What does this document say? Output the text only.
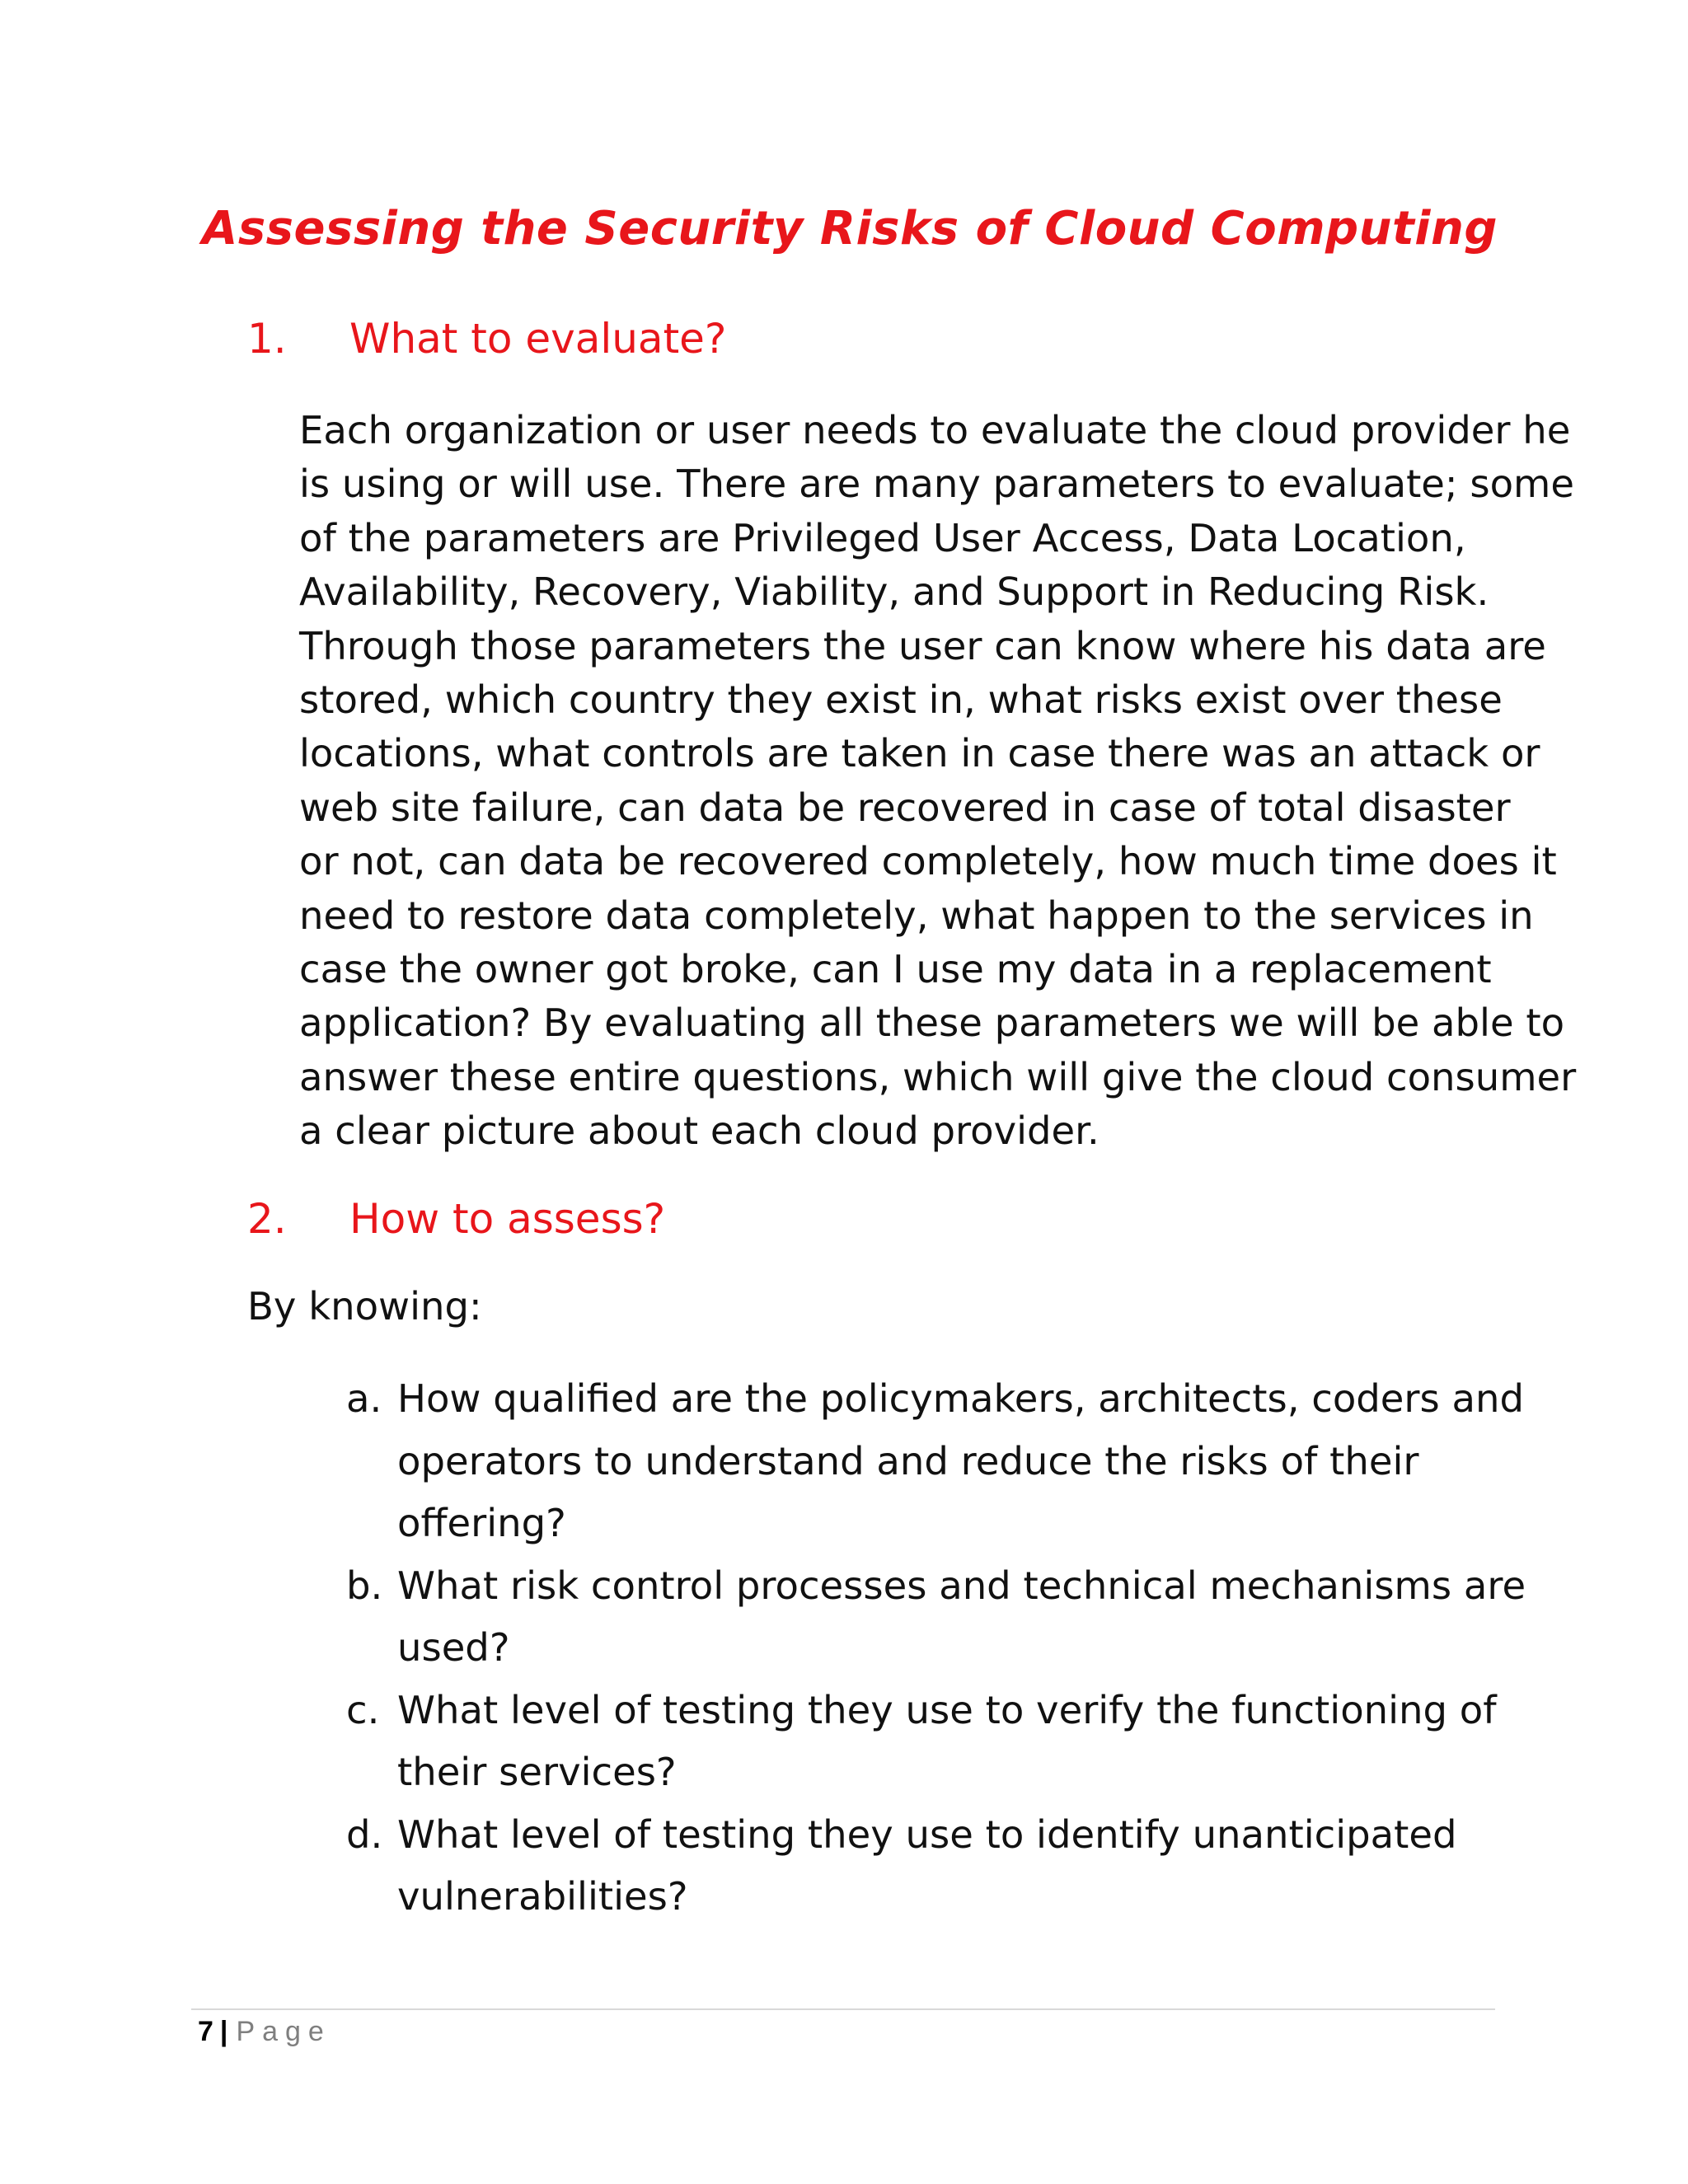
Assessing the Security Risks of Cloud Computing
1. What to evaluate?
Each organization or user needs to evaluate the cloud provider he
is using or will use. There are many parameters to evaluate; some
of the parameters are Privileged User Access, Data Location,
Availability, Recovery, Viability, and Support in Reducing Risk.
Through those parameters the user can know where his data are
stored, which country they exist in, what risks exist over these
locations, what controls are taken in case there was an attack or
web site failure, can data be recovered in case of total disaster
or not, can data be recovered completely, how much time does it
need to restore data completely, what happen to the services in
case the owner got broke, can I use my data in a replacement
application? By evaluating all these parameters we will be able to
answer these entire questions, which will give the cloud consumer
a clear picture about each cloud provider.
2. How to assess?

By knowing:

a. How qualified are the policymakers, architects, coders and
operators to understand and reduce the risks of their
offering?
b. What risk control processes and technical mechanisms are
used?
c. What level of testing they use to verify the functioning of
their services?
d. What level of testing they use to identify unanticipated
vulnerabilities?
7 | Page
